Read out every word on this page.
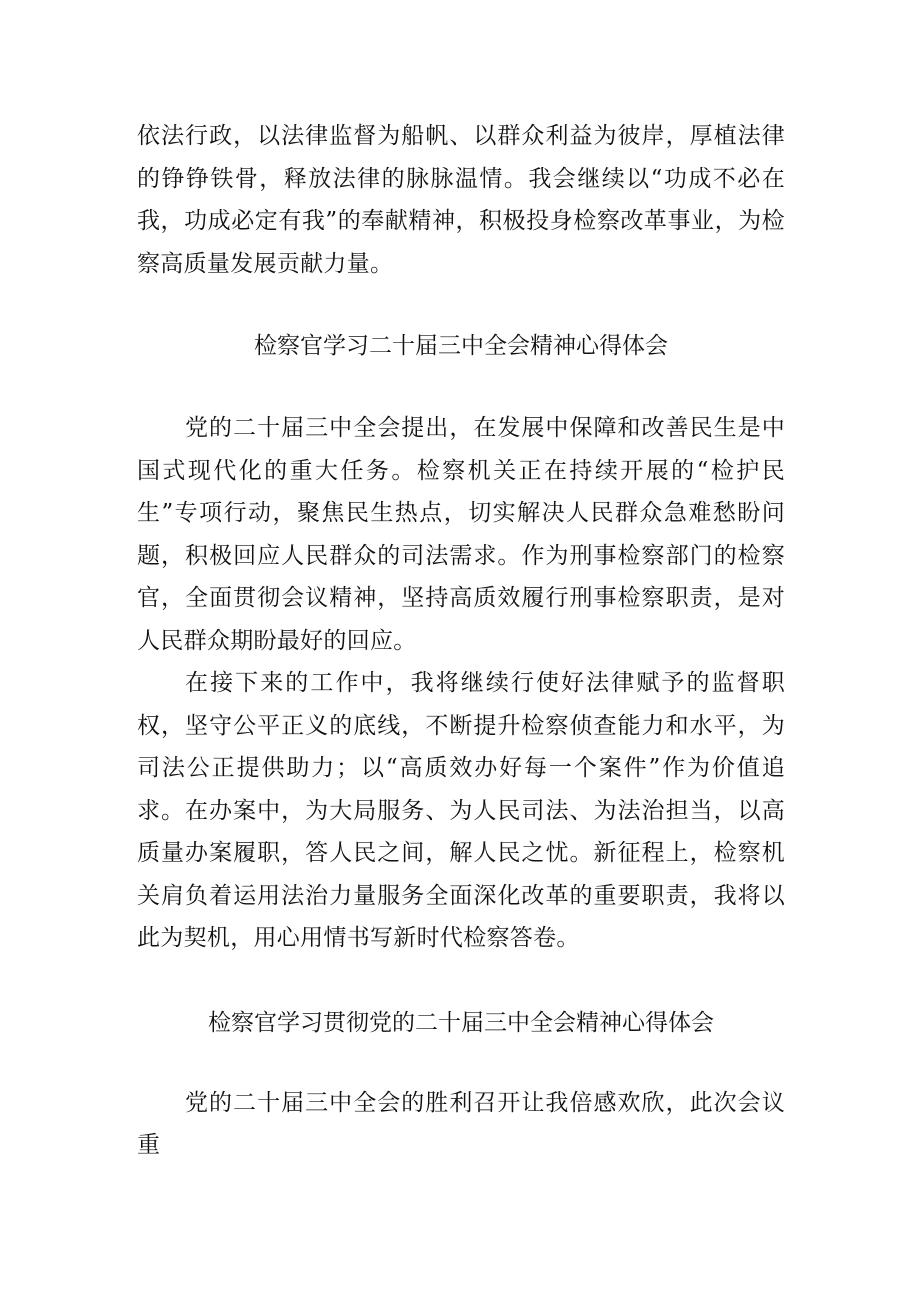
依法行政，以法律监督为船帆、以群众利益为彼岸，厚植法律的铮铮铁骨，释放法律的脉脉温情。我会继续以“功成不必在我，功成必定有我”的奉献精神，积极投身检察改革事业，为检察高质量发展贡献力量。

检察官学习二十届三中全会精神心得体会

党的二十届三中全会提出，在发展中保障和改善民生是中国式现代化的重大任务。检察机关正在持续开展的“检护民生”专项行动，聚焦民生热点，切实解决人民群众急难愁盼问题，积极回应人民群众的司法需求。作为刑事检察部门的检察官，全面贯彻会议精神，坚持高质效履行刑事检察职责，是对人民群众期盼最好的回应。

在接下来的工作中，我将继续行使好法律赋予的监督职权，坚守公平正义的底线，不断提升检察侦查能力和水平，为司法公正提供助力；以“高质效办好每一个案件”作为价值追求。在办案中，为大局服务、为人民司法、为法治担当，以高质量办案履职，答人民之间，解人民之忧。新征程上，检察机关肩负着运用法治力量服务全面深化改革的重要职责，我将以此为契机，用心用情书写新时代检察答卷。

检察官学习贯彻党的二十届三中全会精神心得体会

党的二十届三中全会的胜利召开让我倍感欢欣，此次会议重
